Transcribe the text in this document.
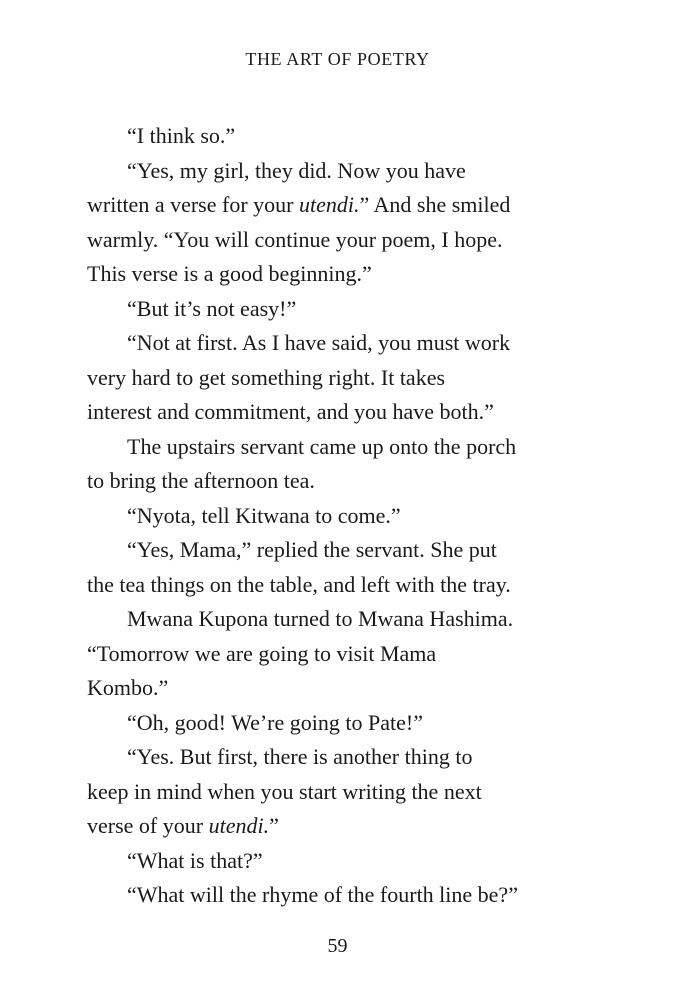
THE ART OF POETRY

“I think so.”

“Yes, my girl, they did. Now you have
written a verse for your utendi.” And she smiled
warmly. “You will continue your poem, I hope.
This verse is a good beginning.”

“But it’s not easy!”

“Not at first. As I have said, you must work
very hard to get something right. It takes
interest and commitment, and you have both.”

The upstairs servant came up onto the porch
to bring the afternoon tea.

“Nyota, tell Kitwana to come.”

“Yes, Mama,” replied the servant. She put
the tea things on the table, and left with the tray.

Mwana Kupona turned to Mwana Hashima.
“Tomorrow we are going to visit Mama
Kombo.”

“Oh, good! We’re going to Pate!”

“Yes. But first, there is another thing to
keep in mind when you start writing the next
verse of your utendi.”

“What is that?”

“What will the rhyme of the fourth line be?”

59
